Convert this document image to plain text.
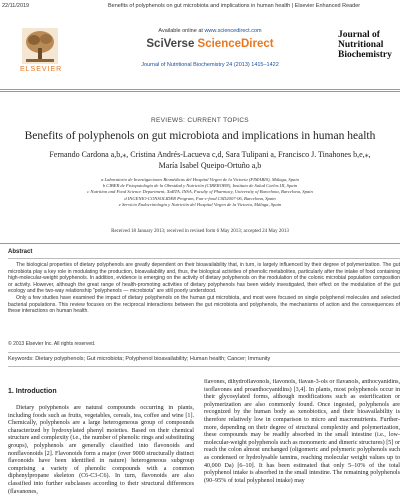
22/11/2019	Benefits of polyphenols on gut microbiota and implications in human health | Elsevier Enhanced Reader
ELSEVIER
Available online at www.sciencedirect.com
SciVerse ScienceDirect
Journal of Nutritional Biochemistry 24 (2013) 1415–1422
Journal of
Nutritional
Biochemistry
REVIEWS: CURRENT TOPICS
Benefits of polyphenols on gut microbiota and implications in human health
Fernando Cardona a,b,⁎, Cristina Andrés-Lacueva c,d, Sara Tulipani a, Francisco J. Tinahones b,e,⁎,
María Isabel Queipo-Ortuño a,b
a Laboratorio de Investigaciones Biomédicas del Hospital Virgen de la Victoria (FIMABIS), Málaga, Spain
b CIBER de Fisiopatología de la Obesidad y Nutrición (CIBEROBN), Instituto de Salud Carlos III, Spain
c Nutrition and Food Science Department, XaRTA, INSA, Faculty of Pharmacy, University of Barcelona, Barcelona, Spain
d INGENIO-CONSOLIDER Program, Fun-c-food CSD2007-06, Barcelona, Spain
e Servicio Endocrinología y Nutrición del Hospital Virgen de la Victoria, Málaga, Spain
Received 18 January 2013; received in revised form 6 May 2013; accepted 24 May 2013
Abstract

The biological properties of dietary polyphenols are greatly dependent on their bioavailability that, in turn, is largely influenced by their degree of polymerization. The gut microbiota play a key role in modulating the production, bioavailability and, thus, the biological activities of phenolic metabolites, particularly after the intake of food containing high-molecular-weight polyphenols. In addition, evidence is emerging on the activity of dietary polyphenols on the modulation of the colonic microbial population composition or activity. However, although the great range of health-promoting activities of dietary polyphenols has been widely investigated, their effect on the modulation of the gut ecology and the two-way relationship "polyphenols — microbiota" are still poorly understood.

Only a few studies have examined the impact of dietary polyphenols on the human gut microbiota, and most were focused on single polyphenol molecules and selected bacterial populations. This review focuses on the reciprocal interactions between the gut microbiota and polyphenols, the mechanisms of action and the consequences of these interactions on human health.

© 2013 Elsevier Inc. All rights reserved.
Keywords: Dietary polyphenols; Gut microbiota; Polyphenol bioavailability; Human health; Cancer; Immunity
1. Introduction

Dietary polyphenols are natural compounds occurring in plants, including foods such as fruits, vegetables, cereals, tea, coffee and wine [1]. Chemically, polyphenols are a large heterogeneous group of compounds characterized by hydroxylated phenyl moieties. Based on their chemical structure and complexity (i.e., the number of phenolic rings and substituting groups), polyphenols are generally classified into flavonoids and nonflavonoids [2]. Flavonoids form a major (over 9000 structurally distinct flavonoids have been identified in nature) heterogeneous subgroup comprising a variety of phenolic compounds with a common diphenylpropane skeleton (C6-C3-C6). In turn, flavonoids are also classified into further subclasses according to their structural differences (flavanones,

flavones, dihydroflavonols, flavonols, flavan-3-ols or flavanols, anthocyanidins, isoflavones and proanthocyanidins) [3,4]. In plants, most polyphenols occur in their glycosylated forms, although modifications such as esterification or polymerization are also commonly found. Once ingested, polyphenols are recognized by the human body as xenobiotics, and their bioavailability is therefore relatively low in comparison to micro and macronutrients. Further-more, depending on their degree of structural complexity and polymerization, these compounds may be readily absorbed in the small intestine (i.e., low-molecular-weight polyphenols such as monomeric and dimeric structures) [5] or reach the colon almost unchanged (oligomeric and polymeric polyphenols such as condensed or hydrolysable tannins, reaching molecular weight values up to 40,000 Da) [6–10]. It has been estimated that only 5–10% of the total polyphenol intake is absorbed in the small intestine. The remaining polyphenols (90–95% of total polyphenol intake) may
